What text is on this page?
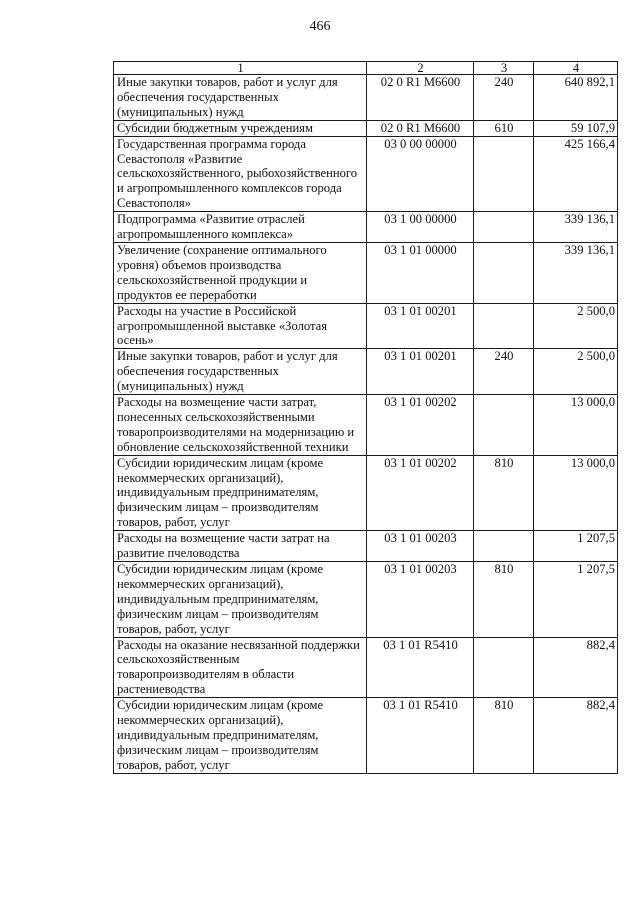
466
1	2	3	4
Иные закупки товаров, работ и услуг для обеспечения государственных (муниципальных) нужд	02 0 R1 M6600	240	640 892,1
Субсидии бюджетным учреждениям	02 0 R1 M6600	610	59 107,9
Государственная программа города Севастополя «Развитие сельскохозяйственного, рыбохозяйственного и агропромышленного комплексов города Севастополя»	03 0 00 00000		425 166,4
Подпрограмма «Развитие отраслей агропромышленного комплекса»	03 1 00 00000		339 136,1
Увеличение (сохранение оптимального уровня) объемов производства сельскохозяйственной продукции и продуктов ее переработки	03 1 01 00000		339 136,1
Расходы на участие в Российской агропромышленной выставке «Золотая осень»	03 1 01 00201		2 500,0
Иные закупки товаров, работ и услуг для обеспечения государственных (муниципальных) нужд	03 1 01 00201	240	2 500,0
Расходы на возмещение части затрат, понесенных сельскохозяйственными товаропроизводителями на модернизацию и обновление сельскохозяйственной техники	03 1 01 00202		13 000,0
Субсидии юридическим лицам (кроме некоммерческих организаций), индивидуальным предпринимателям, физическим лицам – производителям товаров, работ, услуг	03 1 01 00202	810	13 000,0
Расходы на возмещение части затрат на развитие пчеловодства	03 1 01 00203		1 207,5
Субсидии юридическим лицам (кроме некоммерческих организаций), индивидуальным предпринимателям, физическим лицам – производителям товаров, работ, услуг	03 1 01 00203	810	1 207,5
Расходы на оказание несвязанной поддержки сельскохозяйственным товаропроизводителям в области растениеводства	03 1 01 R5410		882,4
Субсидии юридическим лицам (кроме некоммерческих организаций), индивидуальным предпринимателям, физическим лицам – производителям товаров, работ, услуг	03 1 01 R5410	810	882,4
